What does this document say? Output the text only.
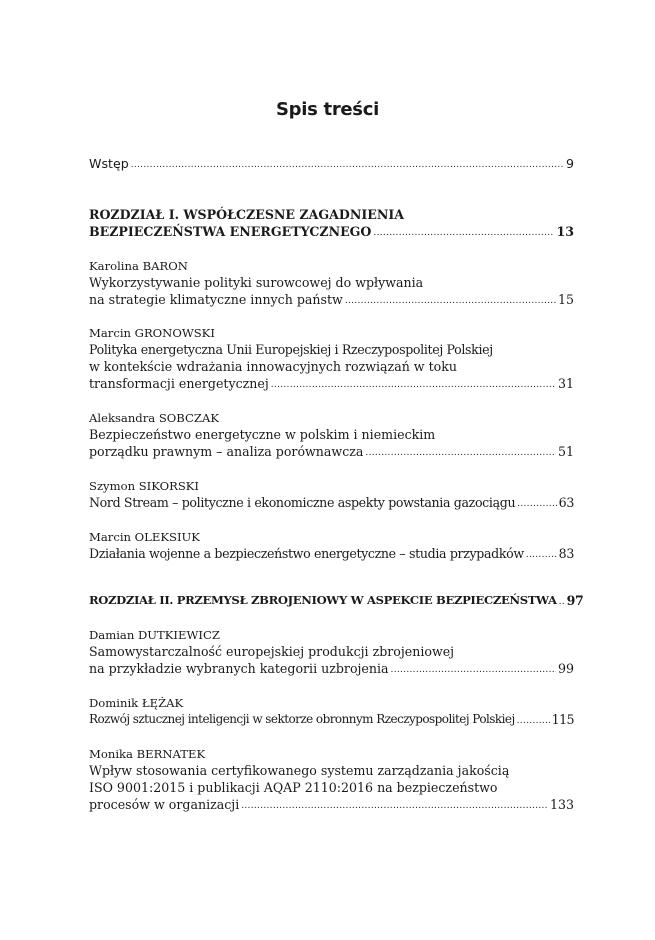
Spis treści
Wstęp .....	9
ROZDZIAŁ I. WSPÓŁCZESNE ZAGADNIENIA
BEZPIECZEŃSTWA ENERGETYCZNEGO .....	13
Karolina BARON
Wykorzystywanie polityki surowcowej do wpływania
na strategie klimatyczne innych państw .....	15
Marcin GRONOWSKI
Polityka energetyczna Unii Europejskiej i Rzeczypospolitej Polskiej
w kontekście wdrażania innowacyjnych rozwiązań w toku
transformacji energetycznej .....	31
Aleksandra SOBCZAK
Bezpieczeństwo energetyczne w polskim i niemieckim
porządku prawnym – analiza porównawcza .....	51
Szymon SIKORSKI
Nord Stream – polityczne i ekonomiczne aspekty powstania gazociągu .....	63
Marcin OLEKSIUK
Działania wojenne a bezpieczeństwo energetyczne – studia przypadków .....	83
ROZDZIAŁ II. PRZEMYSŁ ZBROJENIOWY W ASPEKCIE BEZPIECZEŃSTWA ..... 97
Damian DUTKIEWICZ
Samowystarczalność europejskiej produkcji zbrojeniowej
na przykładzie wybranych kategorii uzbrojenia .....	99
Dominik ŁĘŻAK
Rozwój sztucznej inteligencji w sektorze obronnym Rzeczypospolitej Polskiej .....	115
Monika BERNATEK
Wpływ stosowania certyfikowanego systemu zarządzania jakością
ISO 9001:2015 i publikacji AQAP 2110:2016 na bezpieczeństwo
procesów w organizacji .....	133
